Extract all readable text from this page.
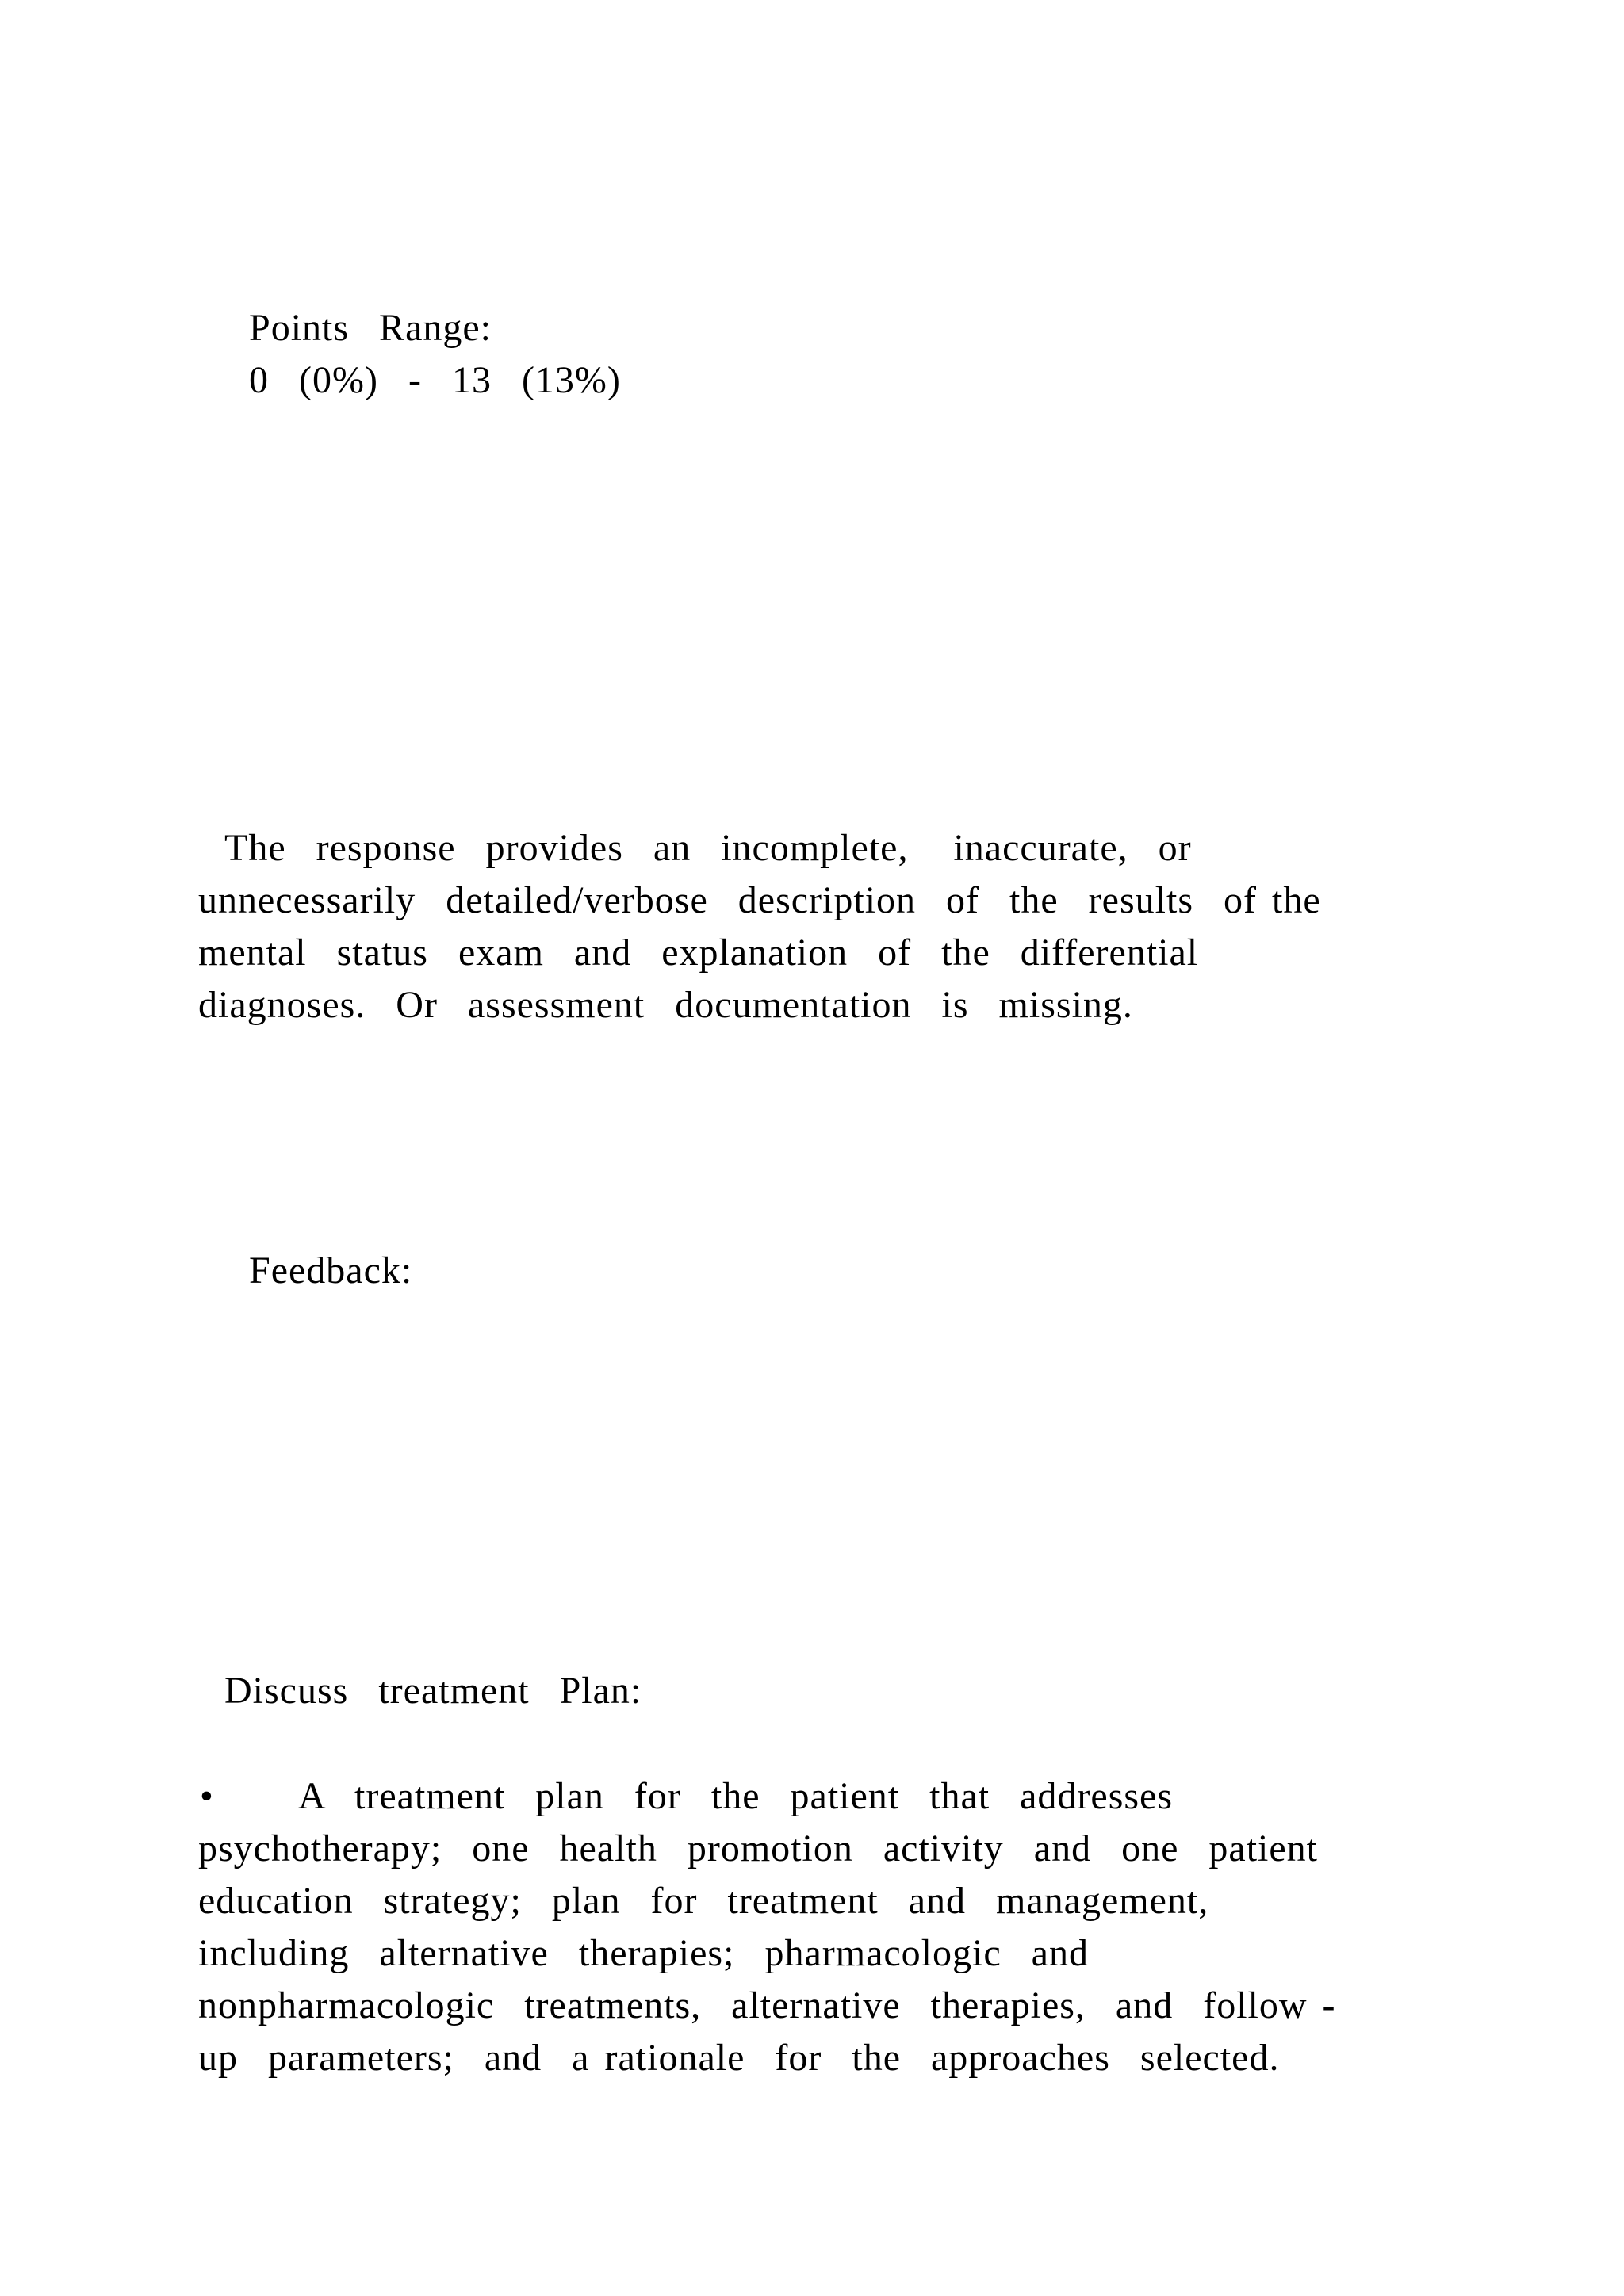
Points  Range:
0  (0%)  -  13  (13%)
The  response  provides  an  incomplete,   inaccurate,  or
unnecessarily  detailed/verbose  description  of  the  results  of the
mental  status  exam  and  explanation  of  the  differential
diagnoses.  Or  assessment  documentation  is  missing.
Feedback:
Discuss  treatment  Plan:
• A  treatment  plan  for  the  patient  that  addresses
psychotherapy;  one  health  promotion  activity  and  one  patient
education  strategy;  plan  for  treatment  and  management,
including  alternative  therapies;  pharmacologic  and
nonpharmacologic  treatments,  alternative  therapies,  and  follow -
up  parameters;  and  a rationale  for  the  approaches  selected.
